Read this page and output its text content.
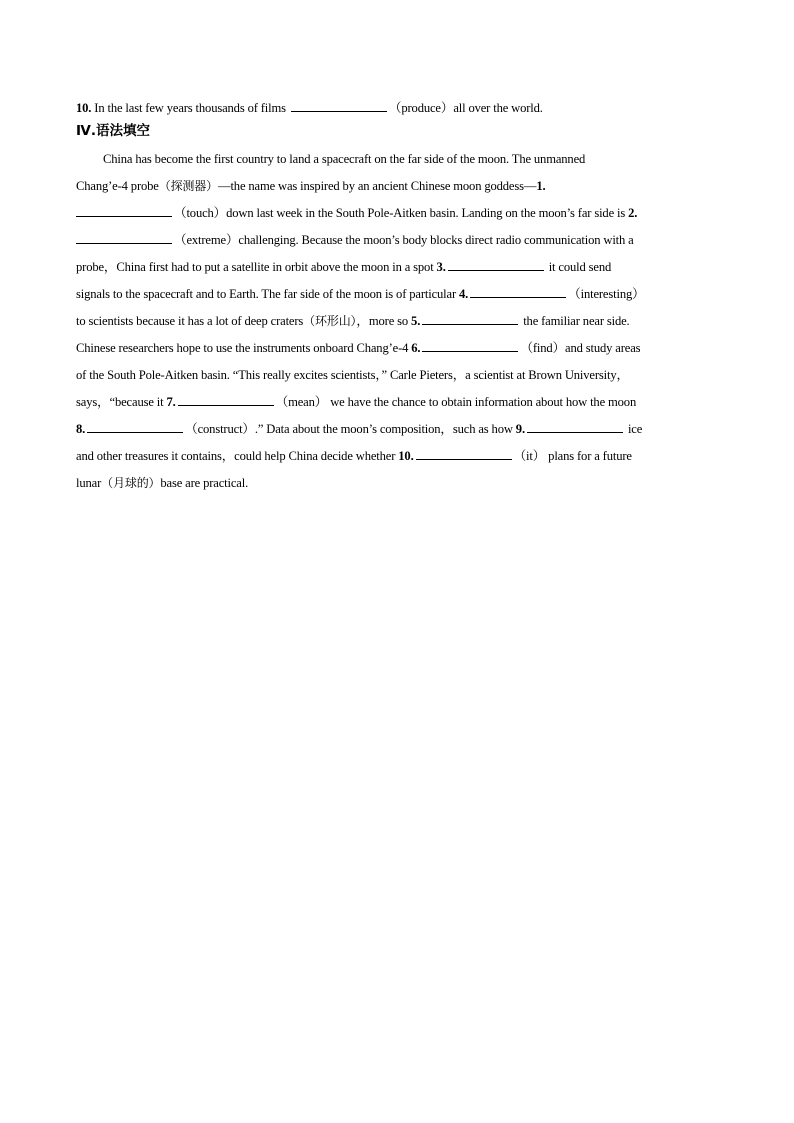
10. In the last few years thousands of films	（produce）all over the world.
Ⅳ.语法填空
China has become the first country to land a spacecraft on the far side of the moon. The unmanned
Chang’e-4 probe（探测器）—the name was inspired by an ancient Chinese moon goddess—1.
（touch）down last week in the South Pole-Aitken basin. Landing on the moon’s far side is 2.
（extreme）challenging. Because the moon’s body blocks direct radio communication with a
probe，China first had to put a satellite in orbit above the moon in a spot 3.	it could send
signals to the spacecraft and to Earth. The far side of the moon is of particular 4.	（interesting）
to scientists because it has a lot of deep craters（环形山），more so 5.	the familiar near side.
Chinese researchers hope to use the instruments onboard Chang’e-4 6.	（find）and study areas
of the South Pole-Aitken basin. “This really excites scientists，” Carle Pieters，a scientist at Brown University，
says，“because it 7.	（mean） we have the chance to obtain information about how the moon
8.	（construct）.” Data about the moon’s composition，such as how 9.	ice
and other treasures it contains，could help China decide whether 10.	（it） plans for a future
lunar（月球的）base are practical.
